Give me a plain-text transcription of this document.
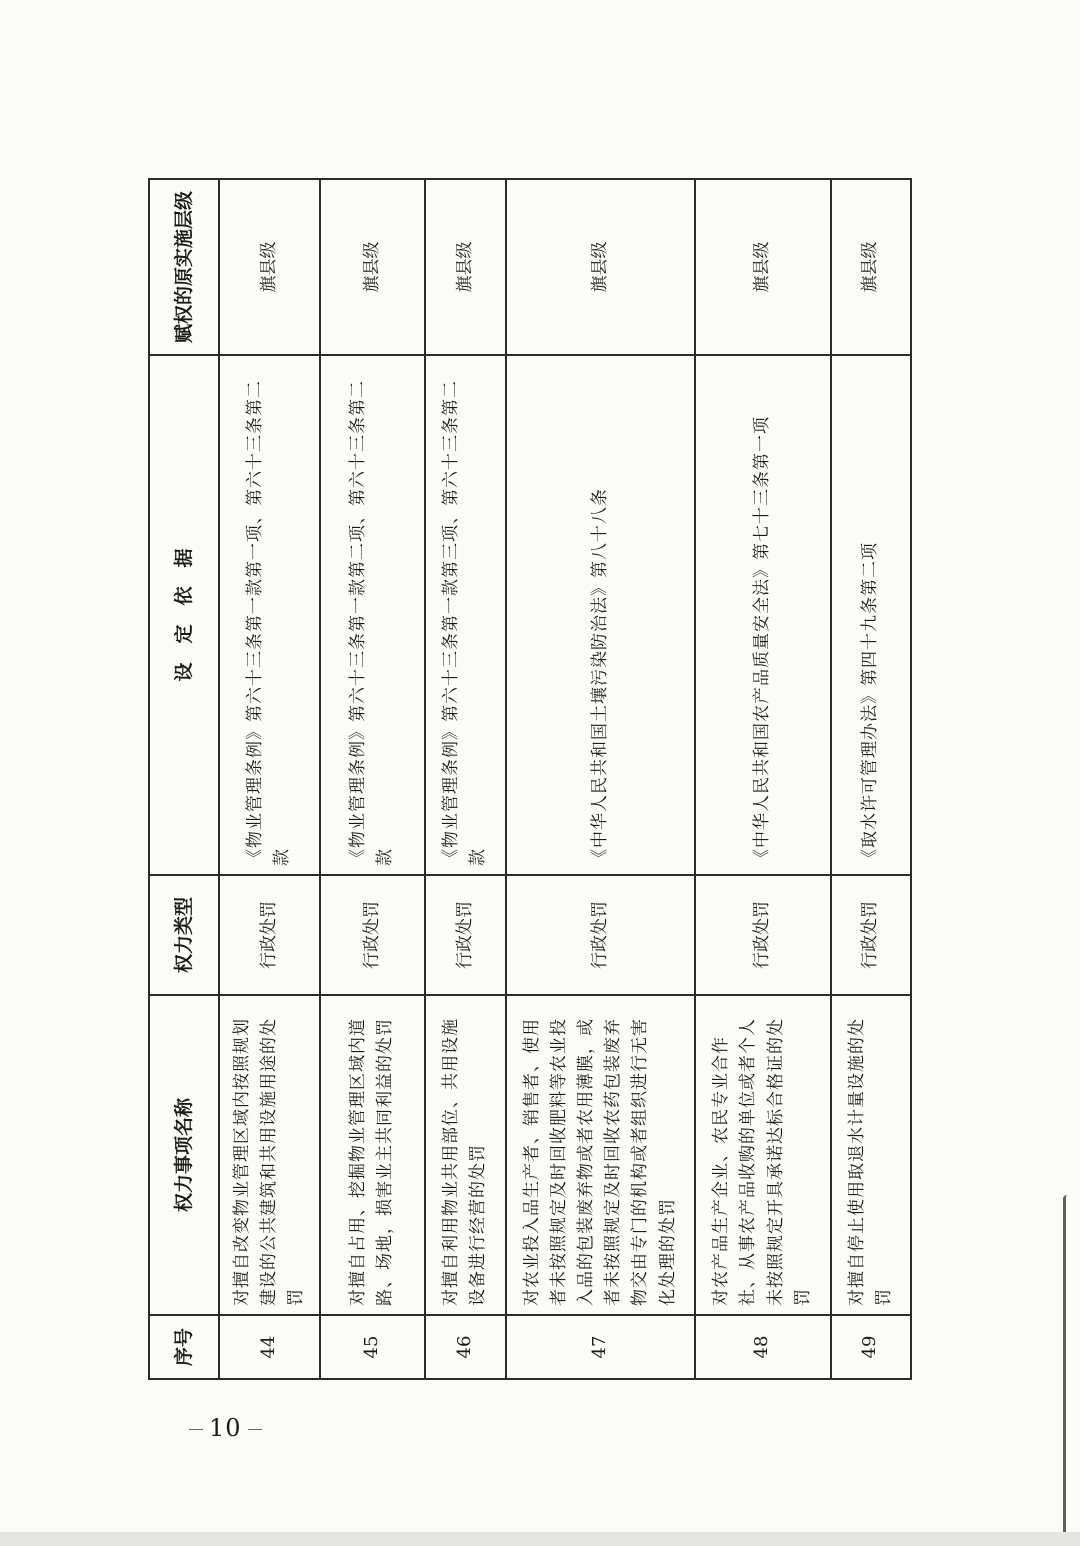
序号	权力事项名称	权力类型	设　定　依　据	赋权的原实施层级
44	对擅自改变物业管理区域内按照规划建设的公共建筑和共用设施用途的处罚	行政处罚	《物业管理条例》第六十三条第一款第一项、第六十三条第二款	旗县级
45	对擅自占用、挖掘物业管理区域内道路、场地，损害业主共同利益的处罚	行政处罚	《物业管理条例》第六十三条第一款第二项、第六十三条第二款	旗县级
46	对擅自利用物业共用部位、共用设施设备进行经营的处罚	行政处罚	《物业管理条例》第六十三条第一款第三项、第六十三条第二款	旗县级
47	对农业投入品生产者、销售者、使用者未按照规定及时回收肥料等农业投入品的包装废弃物或者农用薄膜，或者未按照规定及时回收农药包装废弃物交由专门的机构或者组织进行无害化处理的处罚	行政处罚	《中华人民共和国土壤污染防治法》第八十八条	旗县级
48	对农产品生产企业、农民专业合作社、从事农产品收购的单位或者个人未按照规定开具承诺达标合格证的处罚	行政处罚	《中华人民共和国农产品质量安全法》第七十三条第一项	旗县级
49	对擅自停止使用取退水计量设施的处罚	行政处罚	《取水许可管理办法》第四十九条第二项	旗县级
10
